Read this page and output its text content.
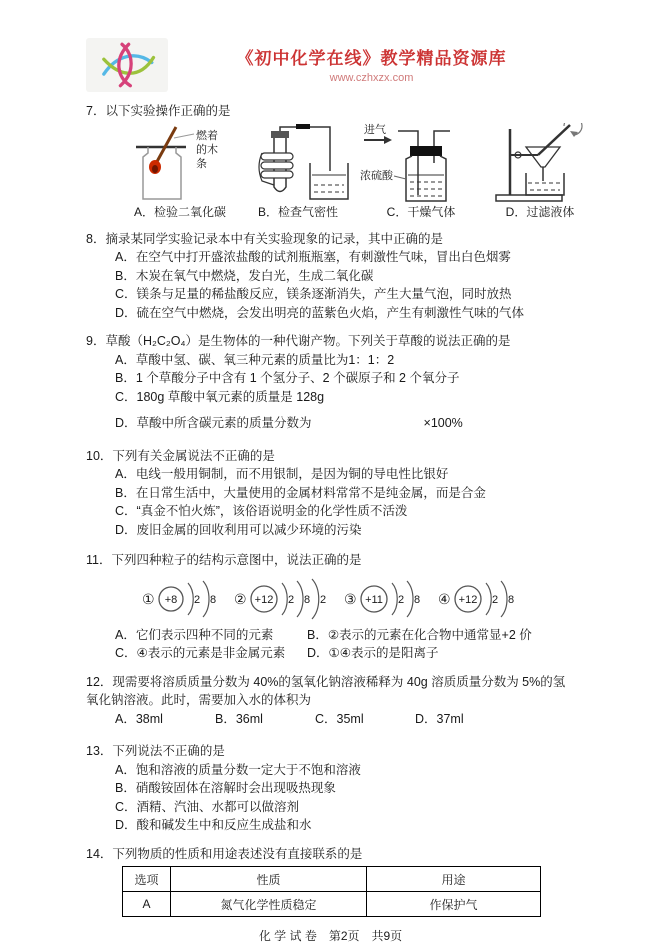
《初中化学在线》教学精品资源库
www.czhxzx.com
7．以下实验操作正确的是
燃着
的木
条
A．检验二氧化碳	B．检查气密性
进气
浓硫酸
C．干燥气体	D．过滤液体
8．摘录某同学实验记录本中有关实验现象的记录，其中正确的是
A．在空气中打开盛浓盐酸的试剂瓶瓶塞，有刺激性气味，冒出白色烟雾
B．木炭在氧气中燃烧，发白光，生成二氧化碳
C．镁条与足量的稀盐酸反应，镁条逐渐消失，产生大量气泡，同时放热
D．硫在空气中燃烧，会发出明亮的蓝紫色火焰，产生有刺激性气味的气体
9．草酸（H₂C₂O₄）是生物体的一种代谢产物。下列关于草酸的说法正确的是
A．草酸中氢、碳、氧三种元素的质量比为1：1：2
B．1 个草酸分子中含有 1 个氢分子、2 个碳原子和 2 个氧分子
C．180g 草酸中氧元素的质量是 128g
D．草酸中所含碳元素的质量分数为	×100%
10．下列有关金属说法不正确的是
A．电线一般用铜制，而不用银制，是因为铜的导电性比银好
B．在日常生活中，大量使用的金属材料常常不是纯金属，而是合金
C．“真金不怕火炼”，该俗语说明金的化学性质不活泼
D．废旧金属的回收利用可以减少环境的污染
11．下列四种粒子的结构示意图中，说法正确的是
① +8 2 8 ② +12 2 8 2 ③ +11 2 8 ④ +12 2 8
A．它们表示四种不同的元素	B．②表示的元素在化合物中通常显+2 价
C．④表示的元素是非金属元素	D．①④表示的是阳离子
12．现需要将溶质质量分数为 40%的氢氧化钠溶液稀释为 40g 溶质质量分数为 5%的氢氧化钠溶液。此时，需要加入水的体积为
A．38ml	B．36ml	C．35ml	D．37ml
13．下列说法不正确的是
A．饱和溶液的质量分数一定大于不饱和溶液
B．硝酸铵固体在溶解时会出现吸热现象
C．酒精、汽油、水都可以做溶剂
D．酸和碱发生中和反应生成盐和水
14．下列物质的性质和用途表述没有直接联系的是
选项	性质	用途
A	氮气化学性质稳定	作保护气
化 学 试 卷　第2页　共9页
